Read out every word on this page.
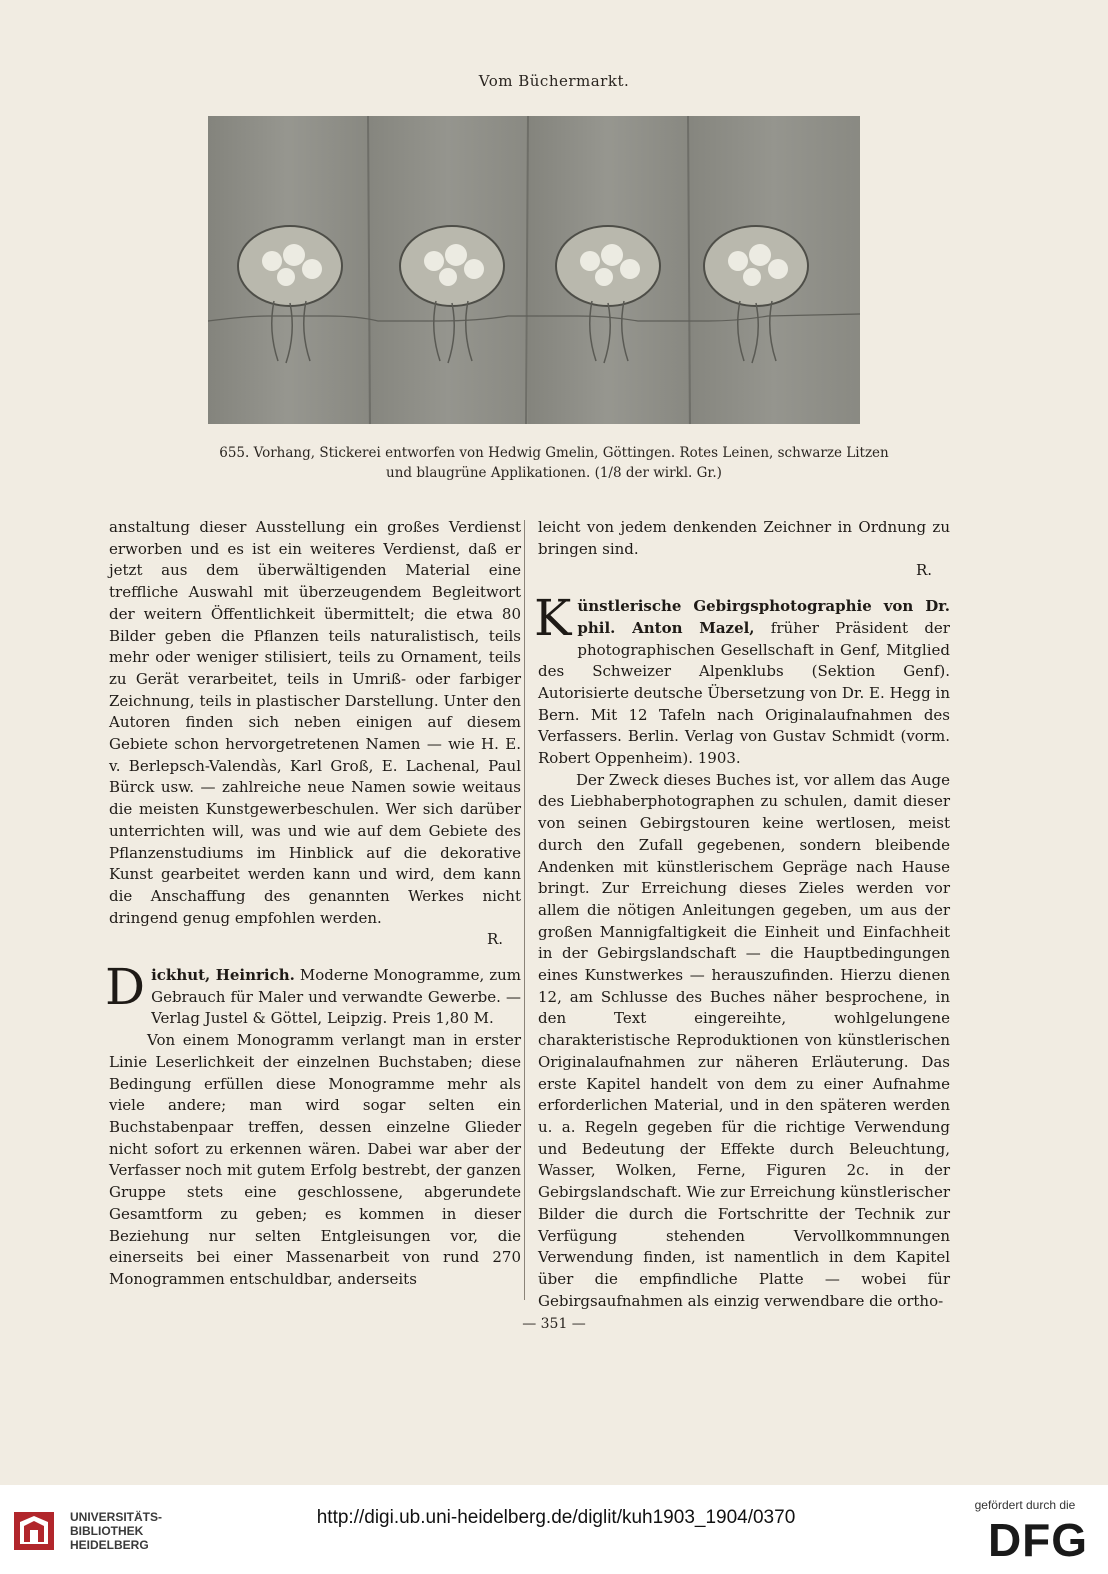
Vom Büchermarkt.
655. Vorhang, Stickerei entworfen von Hedwig Gmelin, Göttingen. Rotes Leinen, schwarze Litzen
und blaugrüne Applikationen. (1/8 der wirkl. Gr.)

anstaltung dieser Ausstellung ein großes Verdienst erworben und es ist ein weiteres Verdienst, daß er jetzt aus dem überwältigenden Material eine treffliche Auswahl mit überzeugendem Begleitwort der weitern Öffentlichkeit übermittelt; die etwa 80 Bilder geben die Pflanzen teils naturalistisch, teils mehr oder weniger stilisiert, teils zu Ornament, teils zu Gerät verarbeitet, teils in Umriß- oder farbiger Zeichnung, teils in plastischer Darstellung. Unter den Autoren finden sich neben einigen auf diesem Gebiete schon hervorgetretenen Namen — wie H. E. v. Berlepsch-Valendàs, Karl Groß, E. Lachenal, Paul Bürck usw. — zahlreiche neue Namen sowie weitaus die meisten Kunstgewerbeschulen. Wer sich darüber unterrichten will, was und wie auf dem Gebiete des Pflanzenstudiums im Hinblick auf die dekorative Kunst gearbeitet werden kann und wird, dem kann die Anschaffung des genannten Werkes nicht dringend genug empfohlen werden.

R.

Dickhut, Heinrich. Moderne Monogramme, zum Gebrauch für Maler und verwandte Gewerbe. — Verlag Justel & Göttel, Leipzig. Preis 1,80 M.

Von einem Monogramm verlangt man in erster Linie Leserlichkeit der einzelnen Buchstaben; diese Bedingung erfüllen diese Monogramme mehr als viele andere; man wird sogar selten ein Buchstabenpaar treffen, dessen einzelne Glieder nicht sofort zu erkennen wären. Dabei war aber der Verfasser noch mit gutem Erfolg bestrebt, der ganzen Gruppe stets eine geschlossene, abgerundete Gesamtform zu geben; es kommen in dieser Beziehung nur selten Entgleisungen vor, die einerseits bei einer Massenarbeit von rund 270 Monogrammen entschuldbar, anderseits

leicht von jedem denkenden Zeichner in Ordnung zu bringen sind.

R.

Künstlerische Gebirgsphotographie von Dr. phil. Anton Mazel, früher Präsident der photographischen Gesellschaft in Genf, Mitglied des Schweizer Alpenklubs (Sektion Genf). Autorisierte deutsche Übersetzung von Dr. E. Hegg in Bern. Mit 12 Tafeln nach Originalaufnahmen des Verfassers. Berlin. Verlag von Gustav Schmidt (vorm. Robert Oppenheim). 1903.

Der Zweck dieses Buches ist, vor allem das Auge des Liebhaberphotographen zu schulen, damit dieser von seinen Gebirgstouren keine wertlosen, meist durch den Zufall gegebenen, sondern bleibende Andenken mit künstlerischem Gepräge nach Hause bringt. Zur Erreichung dieses Zieles werden vor allem die nötigen Anleitungen gegeben, um aus der großen Mannigfaltigkeit die Einheit und Einfachheit in der Gebirgslandschaft — die Hauptbedingungen eines Kunstwerkes — herauszufinden. Hierzu dienen 12, am Schlusse des Buches näher besprochene, in den Text eingereihte, wohlgelungene charakteristische Reproduktionen von künstlerischen Originalaufnahmen zur näheren Erläuterung. Das erste Kapitel handelt von dem zu einer Aufnahme erforderlichen Material, und in den späteren werden u. a. Regeln gegeben für die richtige Verwendung und Bedeutung der Effekte durch Beleuchtung, Wasser, Wolken, Ferne, Figuren 2c. in der Gebirgslandschaft. Wie zur Erreichung künstlerischer Bilder die durch die Fortschritte der Technik zur Verfügung stehenden Vervollkommnungen Verwendung finden, ist namentlich in dem Kapitel über die empfindliche Platte — wobei für Gebirgsaufnahmen als einzig verwendbare die ortho-

— 351 —
UNIVERSITÄTS-
BIBLIOTHEK
HEIDELBERG
http://digi.ub.uni-heidelberg.de/diglit/kuh1903_1904/0370
gefördert durch die
DFG
